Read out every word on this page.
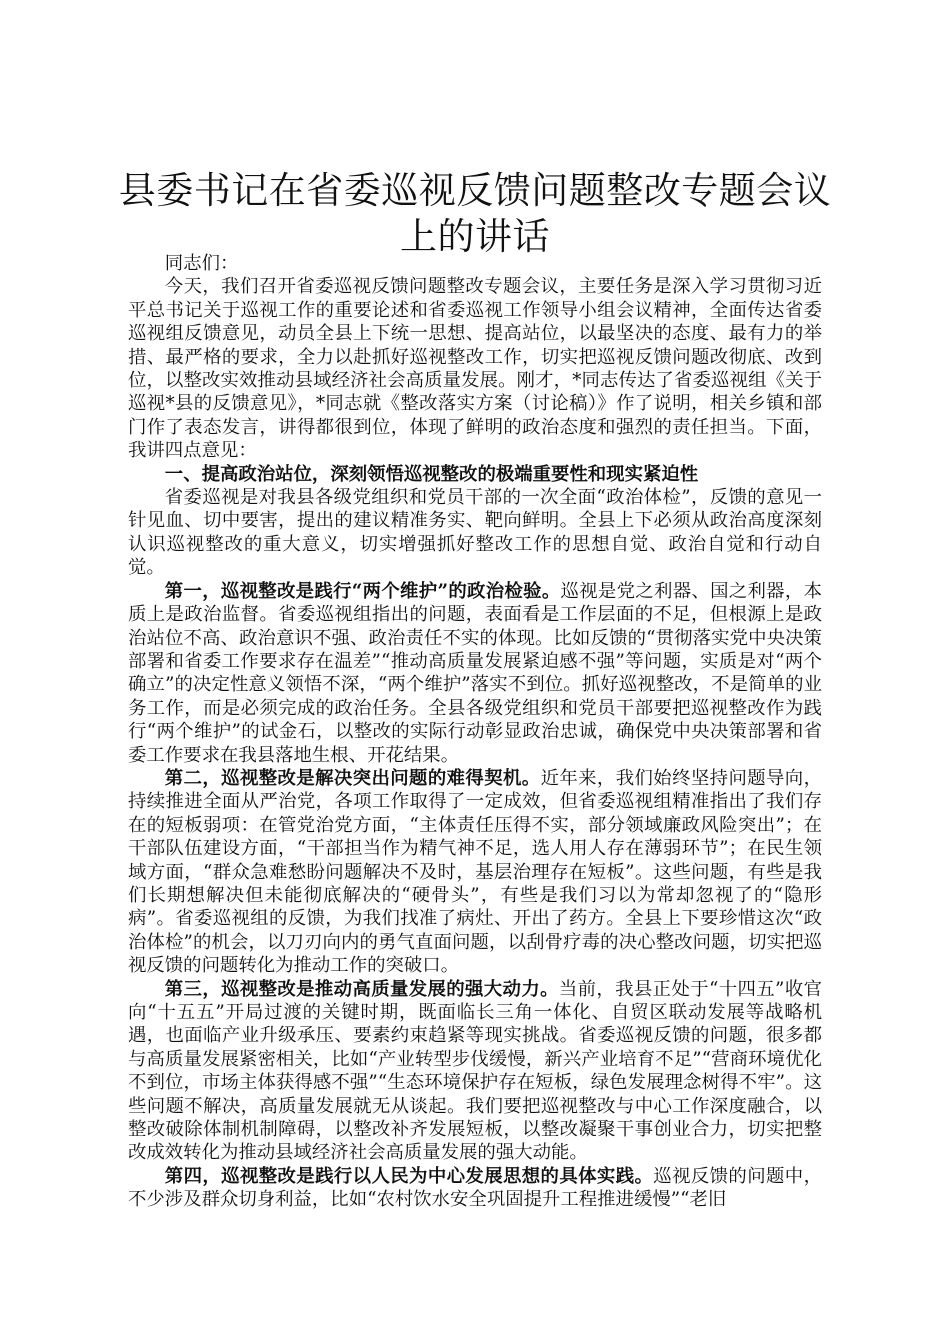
县委书记在省委巡视反馈问题整改专题会议上的讲话

同志们：

今天，我们召开省委巡视反馈问题整改专题会议，主要任务是深入学习贯彻习近平总书记关于巡视工作的重要论述和省委巡视工作领导小组会议精神，全面传达省委巡视组反馈意见，动员全县上下统一思想、提高站位，以最坚决的态度、最有力的举措、最严格的要求，全力以赴抓好巡视整改工作，切实把巡视反馈问题改彻底、改到位，以整改实效推动县域经济社会高质量发展。刚才，*同志传达了省委巡视组《关于巡视*县的反馈意见》，*同志就《整改落实方案（讨论稿）》作了说明，相关乡镇和部门作了表态发言，讲得都很到位，体现了鲜明的政治态度和强烈的责任担当。下面，我讲四点意见：

一、提高政治站位，深刻领悟巡视整改的极端重要性和现实紧迫性

省委巡视是对我县各级党组织和党员干部的一次全面“政治体检”，反馈的意见一针见血、切中要害，提出的建议精准务实、靶向鲜明。全县上下必须从政治高度深刻认识巡视整改的重大意义，切实增强抓好整改工作的思想自觉、政治自觉和行动自觉。

第一，巡视整改是践行“两个维护”的政治检验。巡视是党之利器、国之利器，本质上是政治监督。省委巡视组指出的问题，表面看是工作层面的不足，但根源上是政治站位不高、政治意识不强、政治责任不实的体现。比如反馈的“贯彻落实党中央决策部署和省委工作要求存在温差”“推动高质量发展紧迫感不强”等问题，实质是对“两个确立”的决定性意义领悟不深，“两个维护”落实不到位。抓好巡视整改，不是简单的业务工作，而是必须完成的政治任务。全县各级党组织和党员干部要把巡视整改作为践行“两个维护”的试金石，以整改的实际行动彰显政治忠诚，确保党中央决策部署和省委工作要求在我县落地生根、开花结果。

第二，巡视整改是解决突出问题的难得契机。近年来，我们始终坚持问题导向，持续推进全面从严治党，各项工作取得了一定成效，但省委巡视组精准指出了我们存在的短板弱项：在管党治党方面，“主体责任压得不实，部分领域廉政风险突出”；在干部队伍建设方面，“干部担当作为精气神不足，选人用人存在薄弱环节”；在民生领域方面，“群众急难愁盼问题解决不及时，基层治理存在短板”。这些问题，有些是我们长期想解决但未能彻底解决的“硬骨头”，有些是我们习以为常却忽视了的“隐形病”。省委巡视组的反馈，为我们找准了病灶、开出了药方。全县上下要珍惜这次“政治体检”的机会，以刀刃向内的勇气直面问题，以刮骨疗毒的决心整改问题，切实把巡视反馈的问题转化为推动工作的突破口。

第三，巡视整改是推动高质量发展的强大动力。当前，我县正处于“十四五”收官向“十五五”开局过渡的关键时期，既面临长三角一体化、自贸区联动发展等战略机遇，也面临产业升级承压、要素约束趋紧等现实挑战。省委巡视反馈的问题，很多都与高质量发展紧密相关，比如“产业转型步伐缓慢，新兴产业培育不足”“营商环境优化不到位，市场主体获得感不强”“生态环境保护存在短板，绿色发展理念树得不牢”。这些问题不解决，高质量发展就无从谈起。我们要把巡视整改与中心工作深度融合，以整改破除体制机制障碍，以整改补齐发展短板，以整改凝聚干事创业合力，切实把整改成效转化为推动县域经济社会高质量发展的强大动能。

第四，巡视整改是践行以人民为中心发展思想的具体实践。巡视反馈的问题中，不少涉及群众切身利益，比如“农村饮水安全巩固提升工程推进缓慢”“老旧
